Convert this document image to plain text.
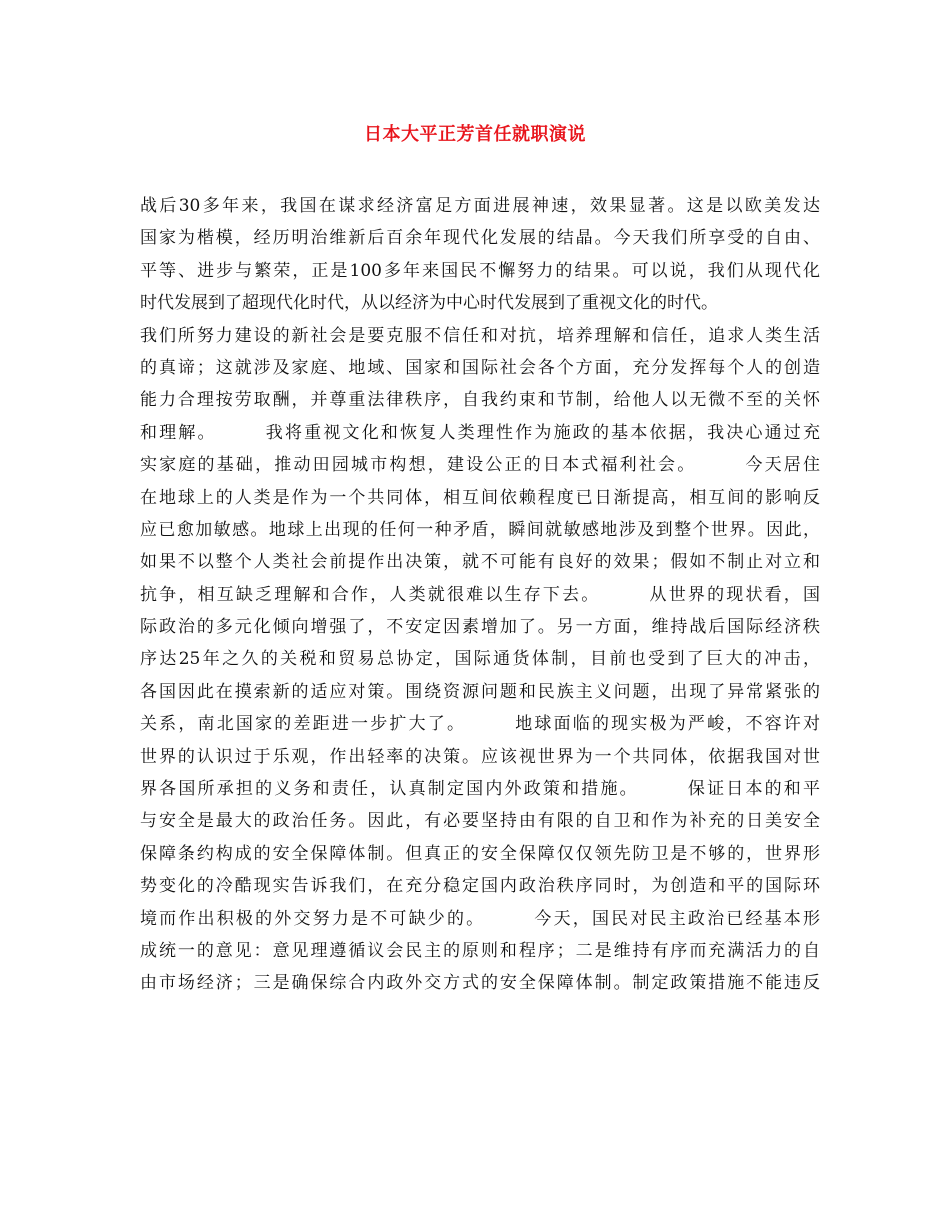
日本大平正芳首任就职演说
战后30多年来，我国在谋求经济富足方面进展神速，效果显著。这是以欧美发达
国家为楷模，经历明治维新后百余年现代化发展的结晶。今天我们所享受的自由、
平等、进步与繁荣，正是100多年来国民不懈努力的结果。可以说，我们从现代化
时代发展到了超现代化时代，从以经济为中心时代发展到了重视文化的时代。
我们所努力建设的新社会是要克服不信任和对抗，培养理解和信任，追求人类生活
的真谛；这就涉及家庭、地域、国家和国际社会各个方面，充分发挥每个人的创造
能力合理按劳取酬，并尊重法律秩序，自我约束和节制，给他人以无微不至的关怀
和理解。　　　我将重视文化和恢复人类理性作为施政的基本依据，我决心通过充
实家庭的基础，推动田园城市构想，建设公正的日本式福利社会。　　　今天居住
在地球上的人类是作为一个共同体，相互间依赖程度已日渐提高，相互间的影响反
应已愈加敏感。地球上出现的任何一种矛盾，瞬间就敏感地涉及到整个世界。因此，
如果不以整个人类社会前提作出决策，就不可能有良好的效果；假如不制止对立和
抗争，相互缺乏理解和合作，人类就很难以生存下去。　　　从世界的现状看，国
际政治的多元化倾向增强了，不安定因素增加了。另一方面，维持战后国际经济秩
序达25年之久的关税和贸易总协定，国际通货体制，目前也受到了巨大的冲击，
各国因此在摸索新的适应对策。围绕资源问题和民族主义问题，出现了异常紧张的
关系，南北国家的差距进一步扩大了。　　　地球面临的现实极为严峻，不容许对
世界的认识过于乐观，作出轻率的决策。应该视世界为一个共同体，依据我国对世
界各国所承担的义务和责任，认真制定国内外政策和措施。　　　保证日本的和平
与安全是最大的政治任务。因此，有必要坚持由有限的自卫和作为补充的日美安全
保障条约构成的安全保障体制。但真正的安全保障仅仅领先防卫是不够的，世界形
势变化的冷酷现实告诉我们，在充分稳定国内政治秩序同时，为创造和平的国际环
境而作出积极的外交努力是不可缺少的。　　　今天，国民对民主政治已经基本形
成统一的意见：意见理遵循议会民主的原则和程序；二是维持有序而充满活力的自
由市场经济；三是确保综合内政外交方式的安全保障体制。制定政策措施不能违反
